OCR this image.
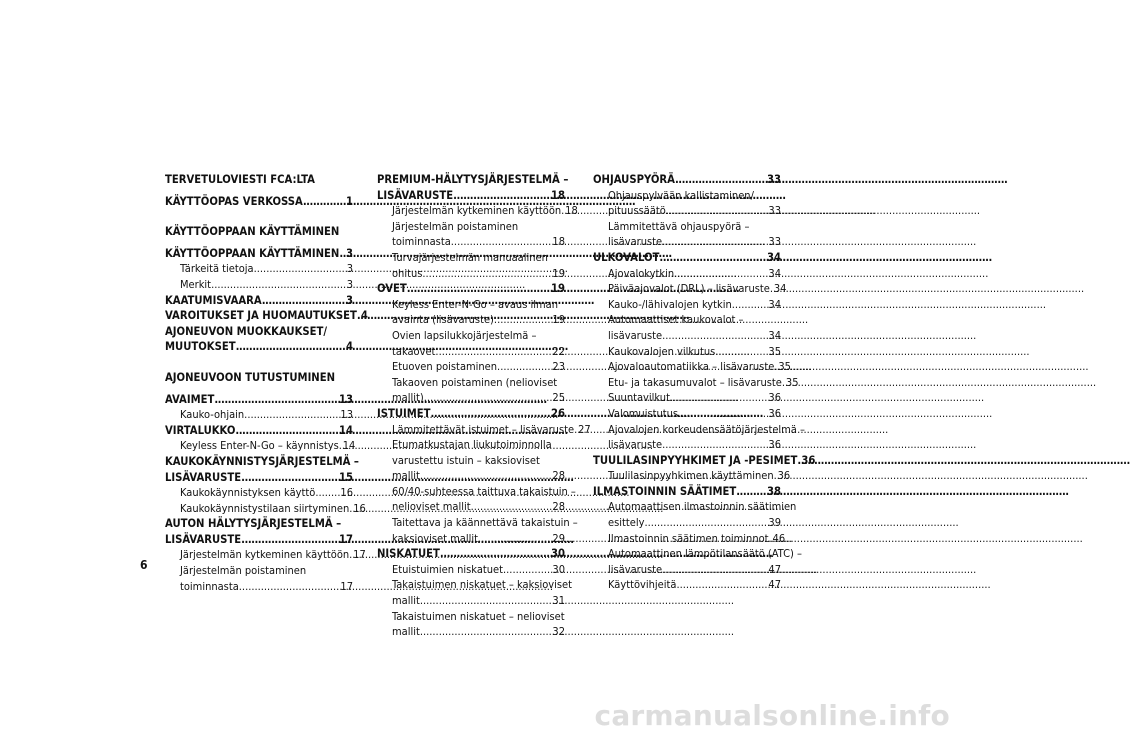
TERVETULOVIESTI FCA:LTA
KÄYTTÖOPAS VERKOSSA .....	1
KÄYTTÖOPPAAN KÄYTTÄMINEN
KÄYTTÖOPPAAN KÄYTTÄMINEN ..... 3
Tärkeitä tietoja .....	3
Merkit .....	3
KAATUMISVAARA .....	3
VAROITUKSET JA HUOMAUTUKSET ..... 4
AJONEUVON MUOKKAUKSET/
MUUTOKSET .....	4
AJONEUVOON TUTUSTUMINEN
AVAIMET .....	13
Kauko-ohjain .....	13
VIRTALUKKO .....	14
Keyless Enter-N-Go – käynnistys ..... 14
KAUKOKÄYNNISTYSJÄRJESTELMÄ –
LISÄVARUSTE .....	15
Kaukokäynnistyksen käyttö ..... 16
Kaukokäynnistystilaan siirtyminen ..... 16
AUTON HÄLYTYSJÄRJESTELMÄ –
LISÄVARUSTE .....	17
Järjestelmän kytkeminen käyttöön ..... 17
Järjestelmän poistaminen
toiminnasta .....	17
PREMIUM-HÄLYTYSJÄRJESTELMÄ –
LISÄVARUSTE .....	18
Järjestelmän kytkeminen käyttöön ..... 18
Järjestelmän poistaminen
toiminnasta .....	18
Turvajärjestelmän manuaalinen
ohitus .....	19
OVET .....	19
Keyless Enter-N-Go – avaus ilman
avainta (lisävaruste) .....	19
Ovien lapsilukkojärjestelmä –
takaovet .....	22
Etuoven poistaminen .....	23
Takaoven poistaminen (nelioviset
mallit) .....	25
ISTUIMET .....	26
Lämmitettävät istuimet – lisävaruste ..... 27
Etumatkustajan liukutoiminnolla
varustettu istuin – kaksioviset
mallit .....	28
60/40-suhteessa taittuva takaistuin –
nelioviset mallit .....	28
Taitettava ja käännettävä takaistuin –
kaksioviset mallit .....	29
NISKATUET .....	30
Etuistuimien niskatuet .....	30
Takaistuimen niskatuet – kaksioviset
mallit .....	31
Takaistuimen niskatuet – nelioviset
mallit .....	32
OHJAUSPYÖRÄ .....	33
Ohjauspylvään kallistaminen/
pituussäätö .....	33
Lämmitettävä ohjauspyörä –
lisävaruste .....	33
ULKOVALOT .....	34
Ajovalokytkin .....	34
Päiväajovalot (DRL) – lisävaruste ..... 34
Kauko-/lähivalojen kytkin .....	34
Automaattiset kaukovalot –
lisävaruste .....	34
Kaukovalojen vilkutus .....	35
Ajovaloautomatiikka – lisävaruste ..... 35
Etu- ja takasumuvalot – lisävaruste ..... 35
Suuntavilkut .....	36
Valomuistutus .....	36
Ajovalojen korkeudensäätöjärjestelmä –
lisävaruste .....	36
TUULILASINPYYHKIMET JA -PESIMET ..... 36
Tuulilasinpyyhkimen käyttäminen ..... 36
ILMASTOINNIN SÄÄTIMET .....	38
Automaattisen ilmastoinnin säätimien
esittely .....	39
Ilmastoinnin säätimen toiminnot ..... 46
Automaattinen lämpötilansäätö (ATC) –
lisävaruste .....	47
Käyttövihjeitä .....	47
6
carmanualsonline.info
